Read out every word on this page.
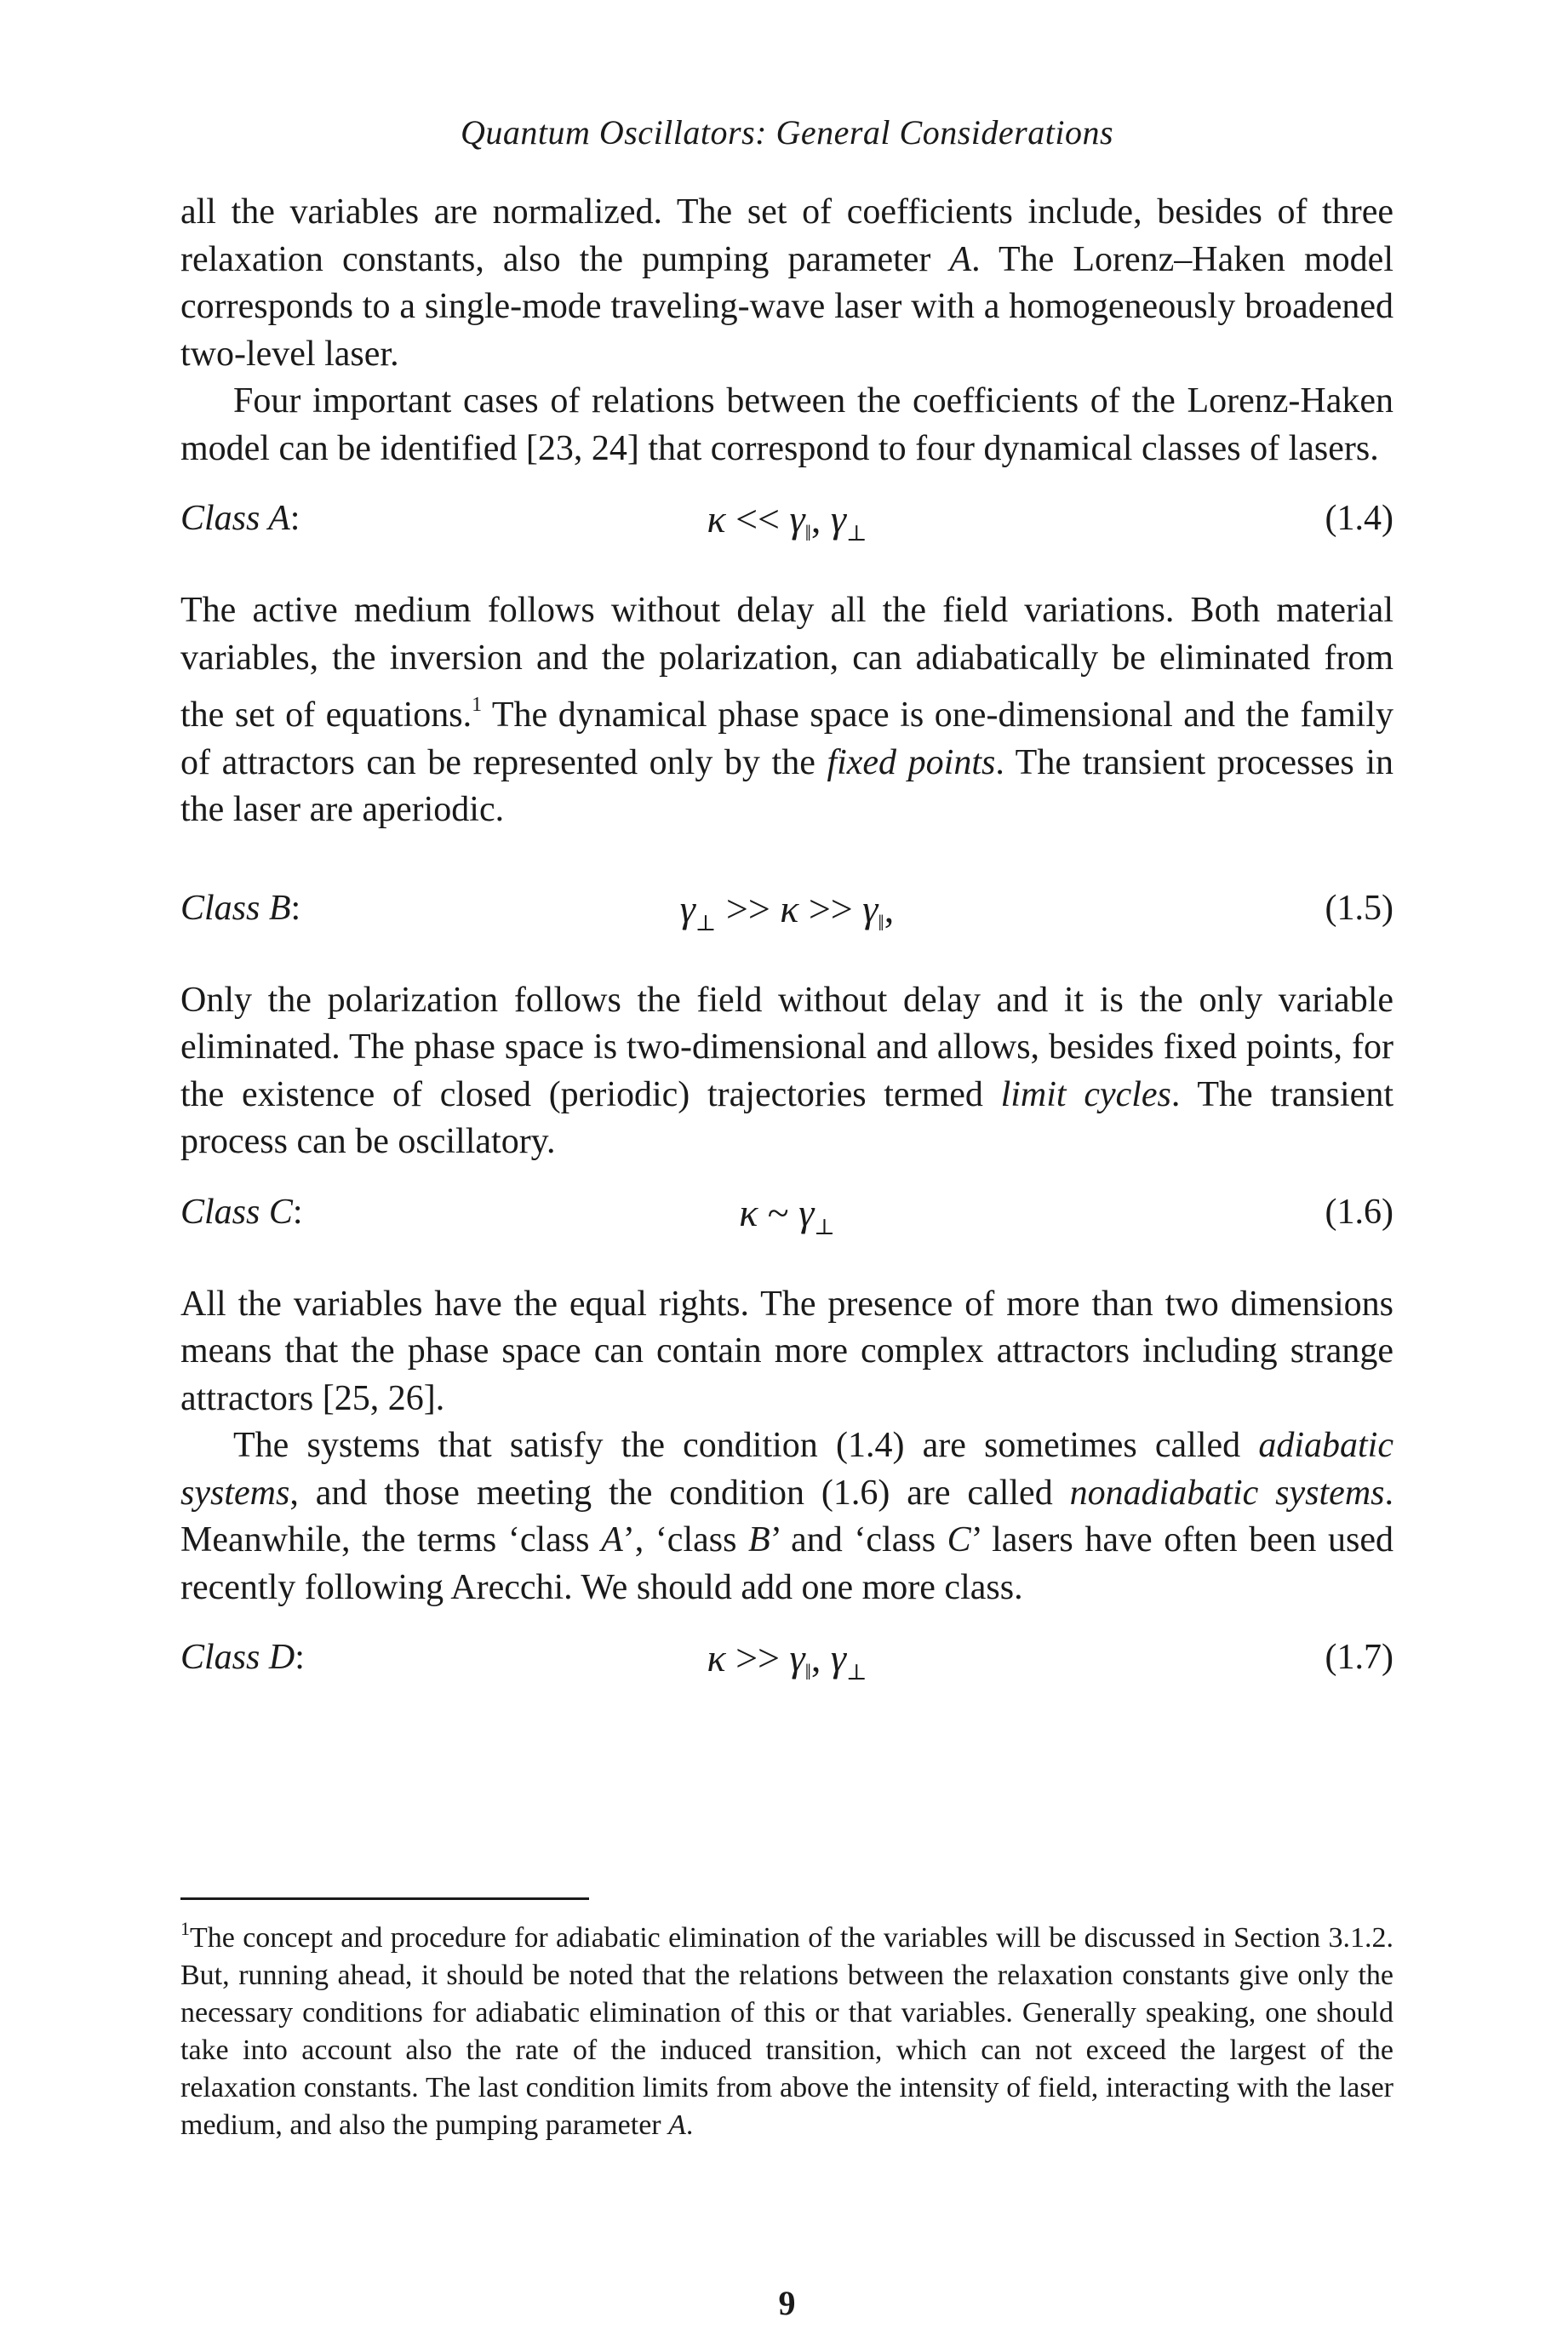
Quantum Oscillators: General Considerations

all the variables are normalized. The set of coefficients include, besides of three relaxation constants, also the pumping parameter A. The Lorenz–Haken model corresponds to a single-mode traveling-wave laser with a homogeneously broadened two-level laser.

Four important cases of relations between the coefficients of the Lorenz-Haken model can be identified [23, 24] that correspond to four dynamical classes of lasers.

Class A:	$\kappa << \gamma_‖$, $\gamma_\perp$	(1.4)

The active medium follows without delay all the field variations. Both material variables, the inversion and the polarization, can adiabatically be eliminated from the set of equations.$^1$ The dynamical phase space is one-dimensional and the family of attractors can be represented only by the fixed points. The transient processes in the laser are aperiodic.

Class B:	$\gamma_\perp >> \kappa >> \gamma_‖$,	(1.5)

Only the polarization follows the field without delay and it is the only variable eliminated. The phase space is two-dimensional and allows, besides fixed points, for the existence of closed (periodic) trajectories termed limit cycles. The transient process can be oscillatory.

Class C:	κ ~ $\gamma_\perp$	(1.6)

All the variables have the equal rights. The presence of more than two dimensions means that the phase space can contain more complex attractors including strange attractors [25, 26].

The systems that satisfy the condition (1.4) are sometimes called adiabatic systems, and those meeting the condition (1.6) are called nonadiabatic systems. Meanwhile, the terms ‘class A’, ‘class B’ and ‘class C’ lasers have often been used recently following Arecchi. We should add one more class.

Class D:	$\kappa >> \gamma_‖$, $\gamma_\perp$	(1.7)
$^1$The concept and procedure for adiabatic elimination of the variables will be discussed in Section 3.1.2. But, running ahead, it should be noted that the relations between the relaxation constants give only the necessary conditions for adiabatic elimination of this or that variables. Generally speaking, one should take into account also the rate of the induced transition, which can not exceed the largest of the relaxation constants. The last condition limits from above the intensity of field, interacting with the laser medium, and also the pumping parameter A.
9
